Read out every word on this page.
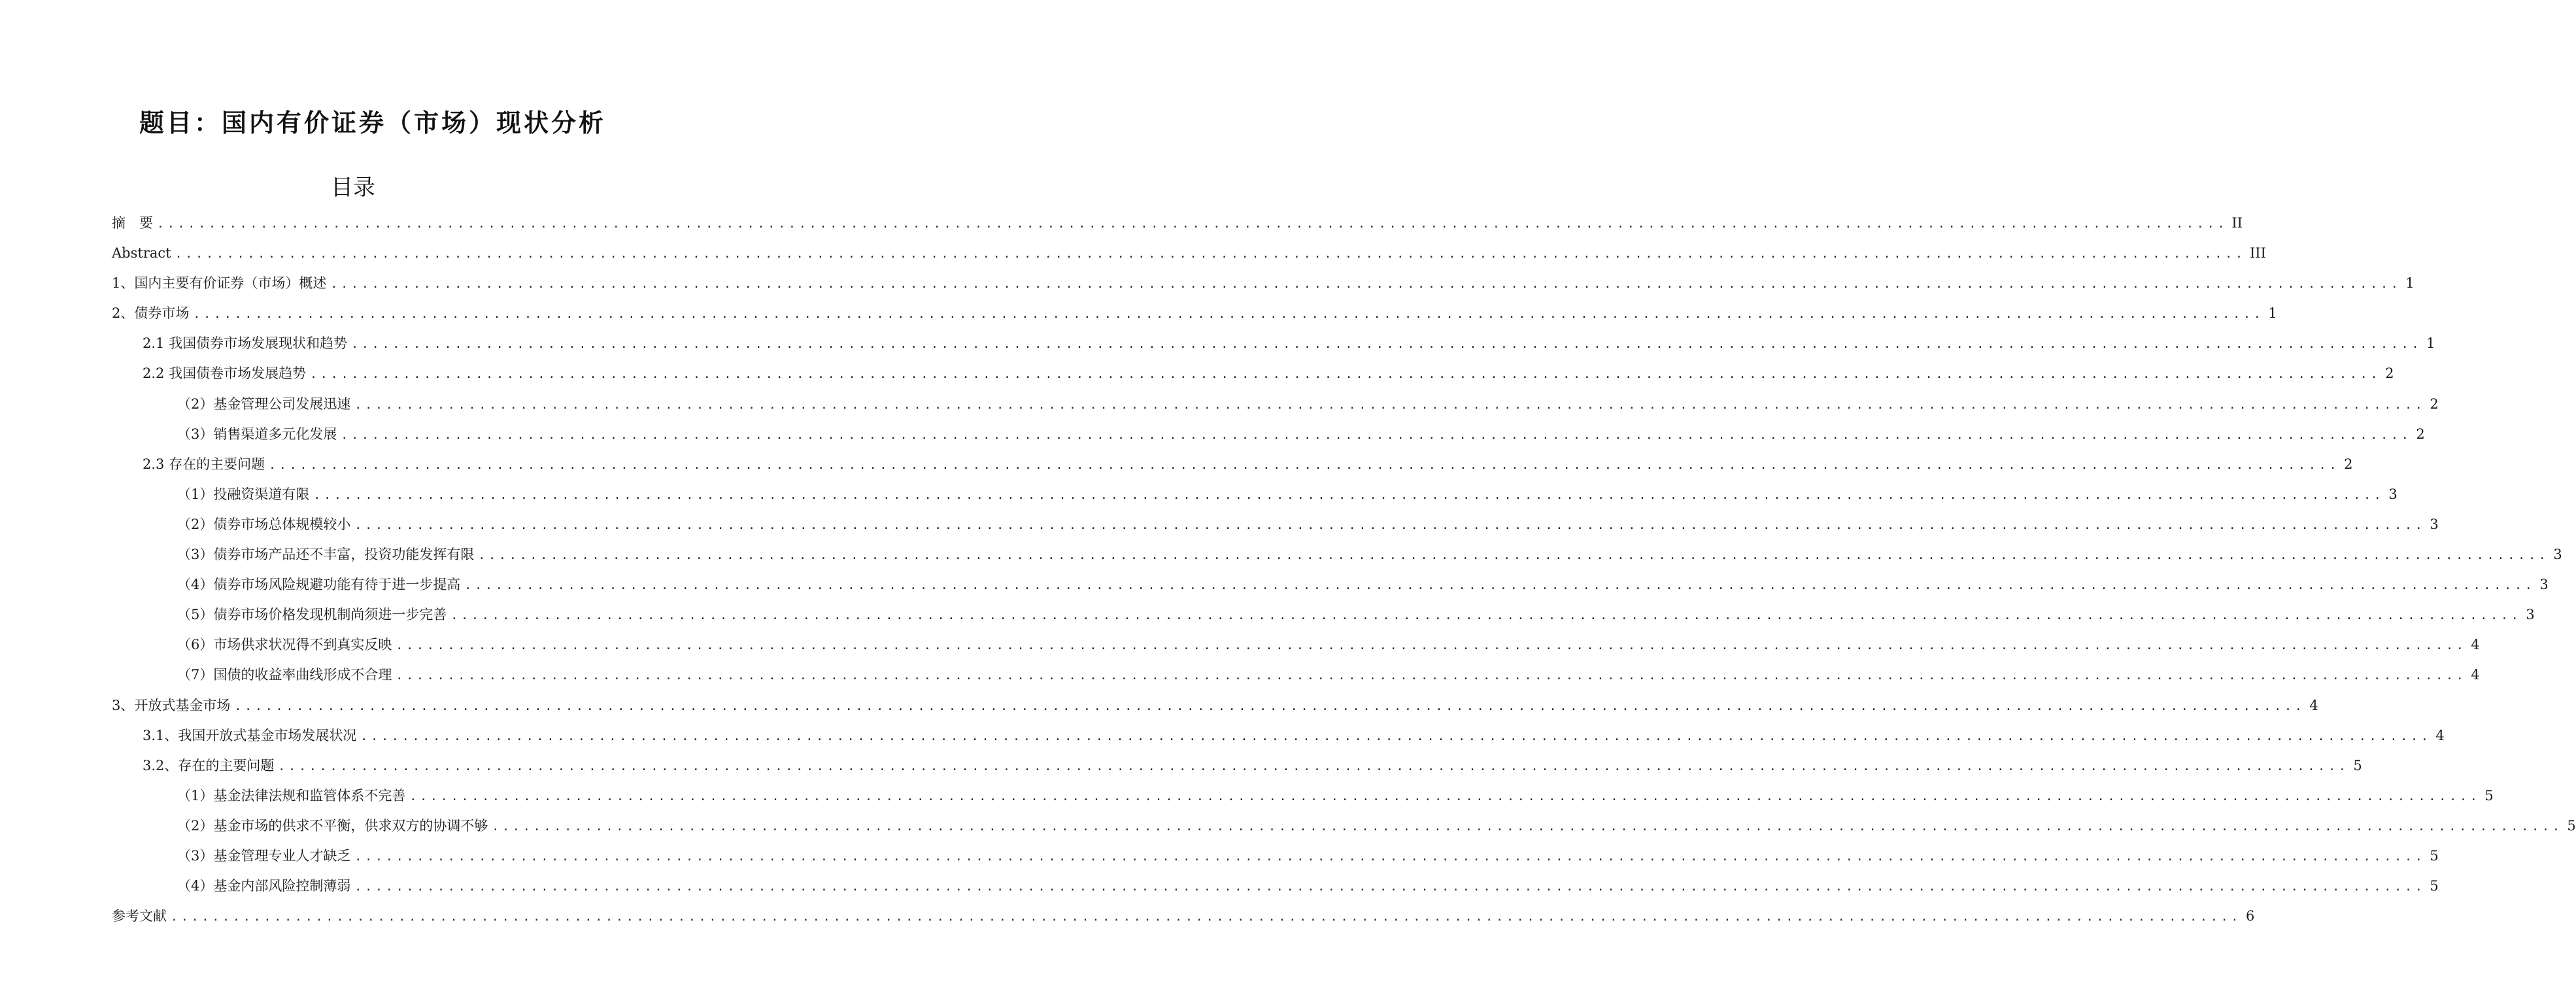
题目：国内有价证券（市场）现状分析
目录
摘　要 ........................................................................................................................................................................................................ II
Abstract ........................................................................................................................................................................................................ III
1、国内主要有价证券（市场）概述 ........................................................................................................................................................................................................ 1
2、债券市场 ........................................................................................................................................................................................................ 1
2.1 我国债券市场发展现状和趋势 ........................................................................................................................................................................................................ 1
2.2 我国债卷市场发展趋势 ........................................................................................................................................................................................................ 2
（2）基金管理公司发展迅速 ........................................................................................................................................................................................................ 2
（3）销售渠道多元化发展 ........................................................................................................................................................................................................ 2
2.3 存在的主要问题 ........................................................................................................................................................................................................ 2
（1）投融资渠道有限 ........................................................................................................................................................................................................ 3
（2）债券市场总体规模较小 ........................................................................................................................................................................................................ 3
（3）债券市场产品还不丰富，投资功能发挥有限 ........................................................................................................................................................................................................ 3
（4）债券市场风险规避功能有待于进一步提高 ........................................................................................................................................................................................................ 3
（5）债券市场价格发现机制尚须进一步完善 ........................................................................................................................................................................................................ 3
（6）市场供求状况得不到真实反映 ........................................................................................................................................................................................................ 4
（7）国债的收益率曲线形成不合理 ........................................................................................................................................................................................................ 4
3、开放式基金市场 ........................................................................................................................................................................................................ 4
3.1、我国开放式基金市场发展状况 ........................................................................................................................................................................................................ 4
3.2、存在的主要问题 ........................................................................................................................................................................................................ 5
（1）基金法律法规和监管体系不完善 ........................................................................................................................................................................................................ 5
（2）基金市场的供求不平衡，供求双方的协调不够 ........................................................................................................................................................................................................ 5
（3）基金管理专业人才缺乏 ........................................................................................................................................................................................................ 5
（4）基金内部风险控制薄弱 ........................................................................................................................................................................................................ 5
参考文献 ........................................................................................................................................................................................................ 6
